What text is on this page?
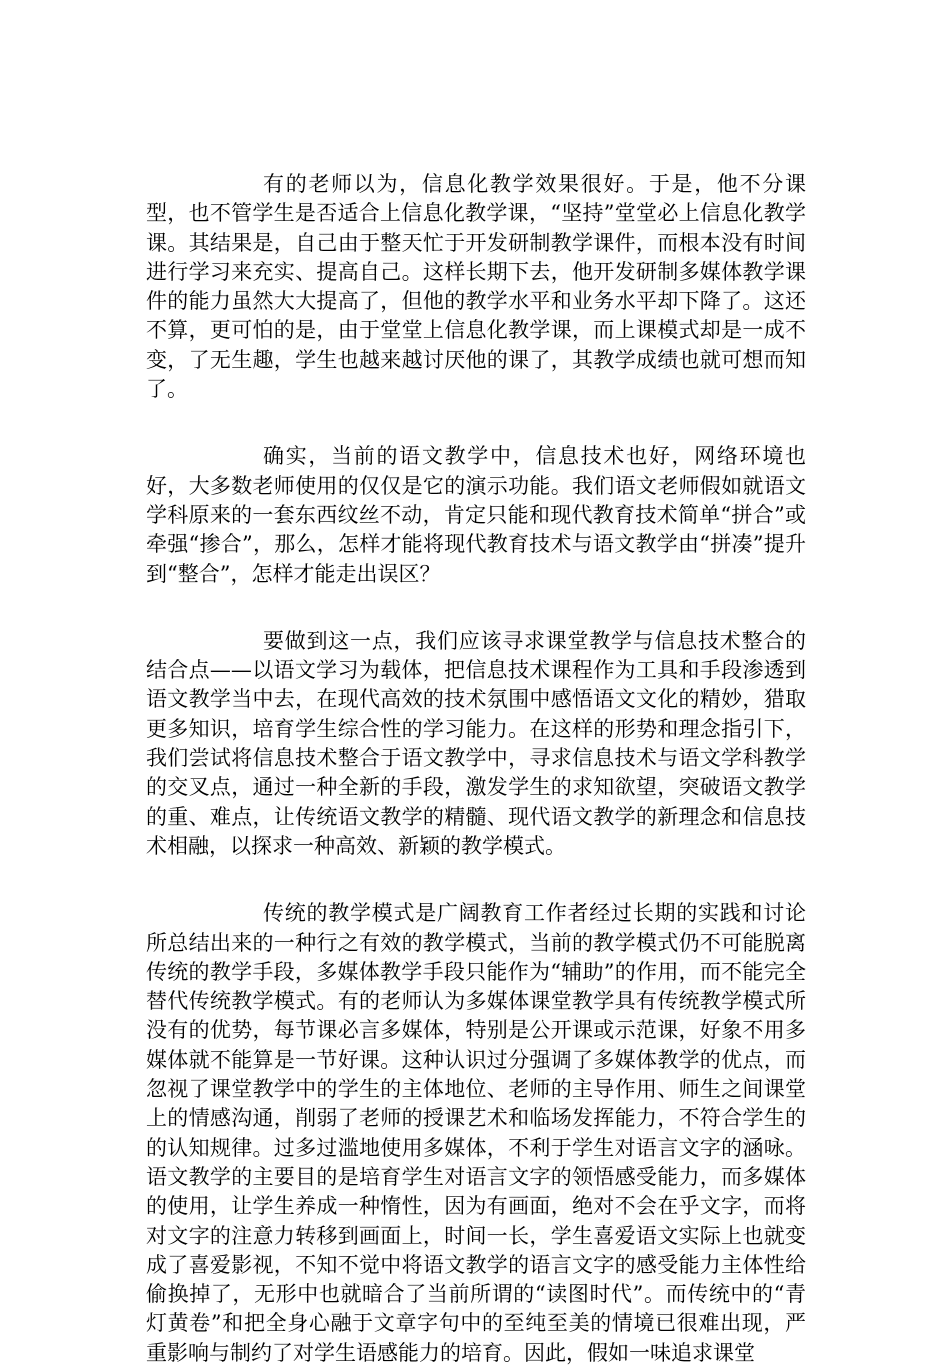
有的老师以为，信息化教学效果很好。于是，他不分课型，也不管学生是否适合上信息化教学课，“坚持”堂堂必上信息化教学课。其结果是，自己由于整天忙于开发研制教学课件，而根本没有时间进行学习来充实、提高自己。这样长期下去，他开发研制多媒体教学课件的能力虽然大大提高了，但他的教学水平和业务水平却下降了。这还不算，更可怕的是，由于堂堂上信息化教学课，而上课模式却是一成不变，了无生趣，学生也越来越讨厌他的课了，其教学成绩也就可想而知了。

确实，当前的语文教学中，信息技术也好，网络环境也好，大多数老师使用的仅仅是它的演示功能。我们语文老师假如就语文学科原来的一套东西纹丝不动，肯定只能和现代教育技术简单“拼合”或牵强“掺合”，那么，怎样才能将现代教育技术与语文教学由“拼凑”提升到“整合”，怎样才能走出误区？

要做到这一点，我们应该寻求课堂教学与信息技术整合的结合点——以语文学习为载体，把信息技术课程作为工具和手段渗透到语文教学当中去，在现代高效的技术氛围中感悟语文文化的精妙，猎取更多知识，培育学生综合性的学习能力。在这样的形势和理念指引下，我们尝试将信息技术整合于语文教学中，寻求信息技术与语文学科教学的交叉点，通过一种全新的手段，激发学生的求知欲望，突破语文教学的重、难点，让传统语文教学的精髓、现代语文教学的新理念和信息技术相融，以探求一种高效、新颖的教学模式。

传统的教学模式是广阔教育工作者经过长期的实践和讨论所总结出来的一种行之有效的教学模式，当前的教学模式仍不可能脱离传统的教学手段，多媒体教学手段只能作为“辅助”的作用，而不能完全替代传统教学模式。有的老师认为多媒体课堂教学具有传统教学模式所没有的优势，每节课必言多媒体，特别是公开课或示范课，好象不用多媒体就不能算是一节好课。这种认识过分强调了多媒体教学的优点，而忽视了课堂教学中的学生的主体地位、老师的主导作用、师生之间课堂上的情感沟通，削弱了老师的授课艺术和临场发挥能力，不符合学生的的认知规律。过多过滥地使用多媒体，不利于学生对语言文字的涵咏。语文教学的主要目的是培育学生对语言文字的领悟感受能力，而多媒体的使用，让学生养成一种惰性，因为有画面，绝对不会在乎文字，而将对文字的注意力转移到画面上，时间一长，学生喜爱语文实际上也就变成了喜爱影视，不知不觉中将语文教学的语言文字的感受能力主体性给偷换掉了，无形中也就暗合了当前所谓的“读图时代”。而传统中的“青灯黄卷”和把全身心融于文章字句中的至纯至美的情境已很难出现，严重影响与制约了对学生语感能力的培育。因此，假如一味追求课堂
